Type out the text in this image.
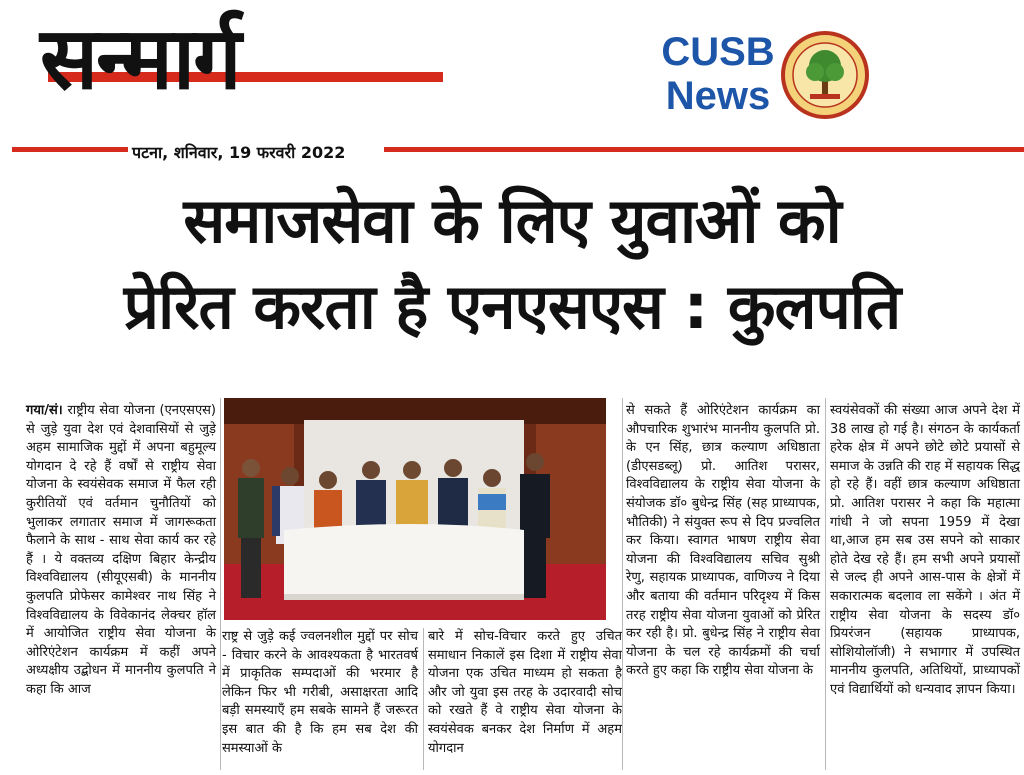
सन्मार्ग
पटना, शनिवार, 19 फरवरी 2022
CUSB
News
समाजसेवा के लिए युवाओं को
प्रेरित करता है एनएसएस : कुलपति

गया/सं। राष्ट्रीय सेवा योजना (एनएसएस) से जुड़े युवा देश एवं देशवासियों से जुड़े अहम सामाजिक मुद्दों में अपना बहुमूल्य योगदान दे रहे हैं वर्षों से राष्ट्रीय सेवा योजना के स्वयंसेवक समाज में फैल रही कुरीतियों एवं वर्तमान चुनौतियों को भुलाकर लगातार समाज में जागरूकता फैलाने के साथ - साथ सेवा कार्य कर रहे हैं । ये वक्तव्य दक्षिण बिहार केन्द्रीय विश्वविद्यालय (सीयूएसबी) के माननीय कुलपति प्रोफेसर कामेश्वर नाथ सिंह ने विश्वविद्यालय के विवेकानंद लेक्चर हॉल में आयोजित राष्ट्रीय सेवा योजना के ओरिएंटेशन कार्यक्रम में कहीं अपने अध्यक्षीय उद्बोधन में माननीय कुलपति ने कहा कि आज

राष्ट्र से जुड़े कई ज्वलनशील मुद्दों पर सोच - विचार करने के आवश्यकता है भारतवर्ष में प्राकृतिक सम्पदाओं की भरमार है लेकिन फिर भी गरीबी, असाक्षरता आदि बड़ी समस्याएँ हम सबके सामने हैं जरूरत इस बात की है कि हम सब देश की समस्याओं के

बारे में सोच-विचार करते हुए उचित समाधान निकालें इस दिशा में राष्ट्रीय सेवा योजना एक उचित माध्यम हो सकता है और जो युवा इस तरह के उदारवादी सोच को रखते हैं वे राष्ट्रीय सेवा योजना के स्वयंसेवक बनकर देश निर्माण में अहम योगदान

से सकते हैं ओरिएंटेशन कार्यक्रम का औपचारिक शुभारंभ माननीय कुलपति प्रो. के एन सिंह, छात्र कल्याण अधिष्ठाता (डीएसडब्लू) प्रो. आतिश परासर, विश्वविद्यालय के राष्ट्रीय सेवा योजना के संयोजक डॉ० बुधेन्द्र सिंह (सह प्राध्यापक, भौतिकी) ने संयुक्त रूप से दिप प्रज्वलित कर किया। स्वागत भाषण राष्ट्रीय सेवा योजना की विश्वविद्यालय सचिव सुश्री रेणु, सहायक प्राध्यापक, वाणिज्य ने दिया और बताया की वर्तमान परिदृश्य में किस तरह राष्ट्रीय सेवा योजना युवाओं को प्रेरित कर रही है। प्रो. बुधेन्द्र सिंह ने राष्ट्रीय सेवा योजना के चल रहे कार्यक्रमों की चर्चा करते हुए कहा कि राष्ट्रीय सेवा योजना के

स्वयंसेवकों की संख्या आज अपने देश में 38 लाख हो गई है। संगठन के कार्यकर्ता हरेक क्षेत्र में अपने छोटे छोटे प्रयासों से समाज के उन्नति की राह में सहायक सिद्ध हो रहे हैं। वहीं छात्र कल्याण अधिष्ठाता प्रो. आतिश परासर ने कहा कि महात्मा गांधी ने जो सपना 1959 में देखा था,आज हम सब उस सपने को साकार होते देख रहे हैं। हम सभी अपने प्रयासों से जल्द ही अपने आस-पास के क्षेत्रों में सकारात्मक बदलाव ला सकेंगे । अंत में राष्ट्रीय सेवा योजना के सदस्य डॉ० प्रियरंजन (सहायक प्राध्यापक, सोशियोलॉजी) ने सभागार में उपस्थित माननीय कुलपति, अतिथियों, प्राध्यापकों एवं विद्यार्थियों को धन्यवाद ज्ञापन किया।
